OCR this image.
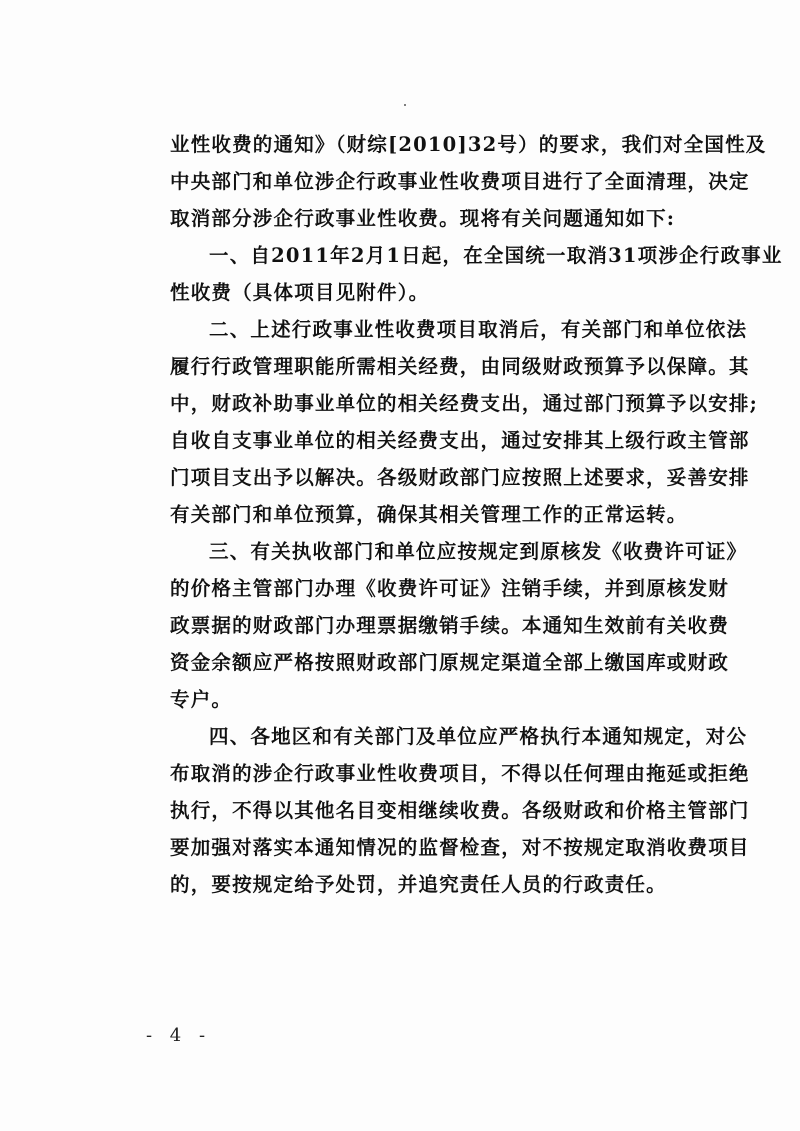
业性收费的通知》（财综[2010]32号）的要求，我们对全国性及
中央部门和单位涉企行政事业性收费项目进行了全面清理，决定
取消部分涉企行政事业性收费。现将有关问题通知如下:
一、自2011年2月1日起，在全国统一取消31项涉企行政事业
性收费（具体项目见附件）。
二、上述行政事业性收费项目取消后，有关部门和单位依法
履行行政管理职能所需相关经费，由同级财政预算予以保障。其
中，财政补助事业单位的相关经费支出，通过部门预算予以安排;
自收自支事业单位的相关经费支出，通过安排其上级行政主管部
门项目支出予以解决。各级财政部门应按照上述要求，妥善安排
有关部门和单位预算，确保其相关管理工作的正常运转。
三、有关执收部门和单位应按规定到原核发《收费许可证》
的价格主管部门办理《收费许可证》注销手续，并到原核发财
政票据的财政部门办理票据缴销手续。本通知生效前有关收费
资金余额应严格按照财政部门原规定渠道全部上缴国库或财政
专户。
四、各地区和有关部门及单位应严格执行本通知规定，对公
布取消的涉企行政事业性收费项目，不得以任何理由拖延或拒绝
执行，不得以其他名目变相继续收费。各级财政和价格主管部门
要加强对落实本通知情况的监督检查，对不按规定取消收费项目
的，要按规定给予处罚，并追究责任人员的行政责任。
- 4 -
